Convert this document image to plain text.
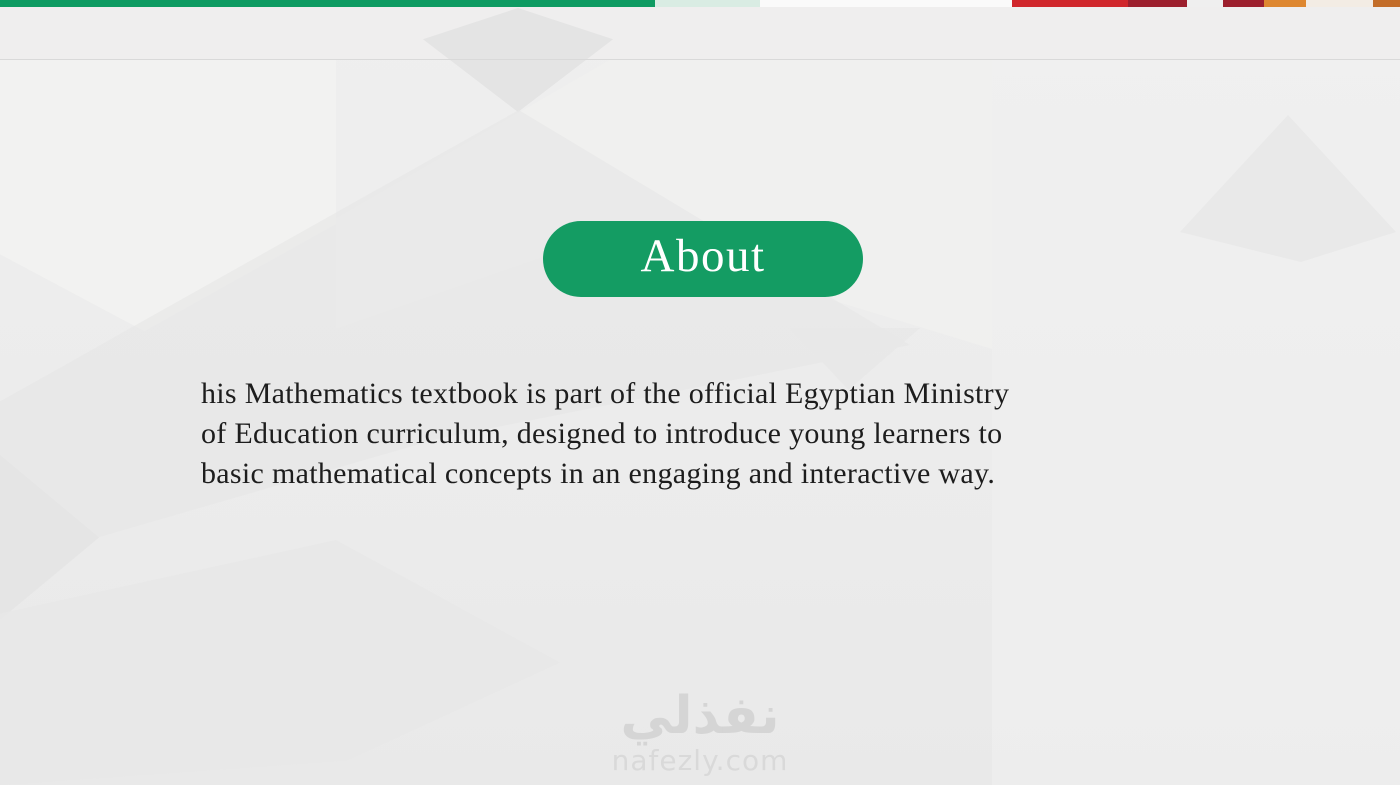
About
his Mathematics textbook is part of the official Egyptian Ministry
of Education curriculum, designed to introduce young learners to
basic mathematical concepts in an engaging and interactive way.
نفذلي
nafezly.com
